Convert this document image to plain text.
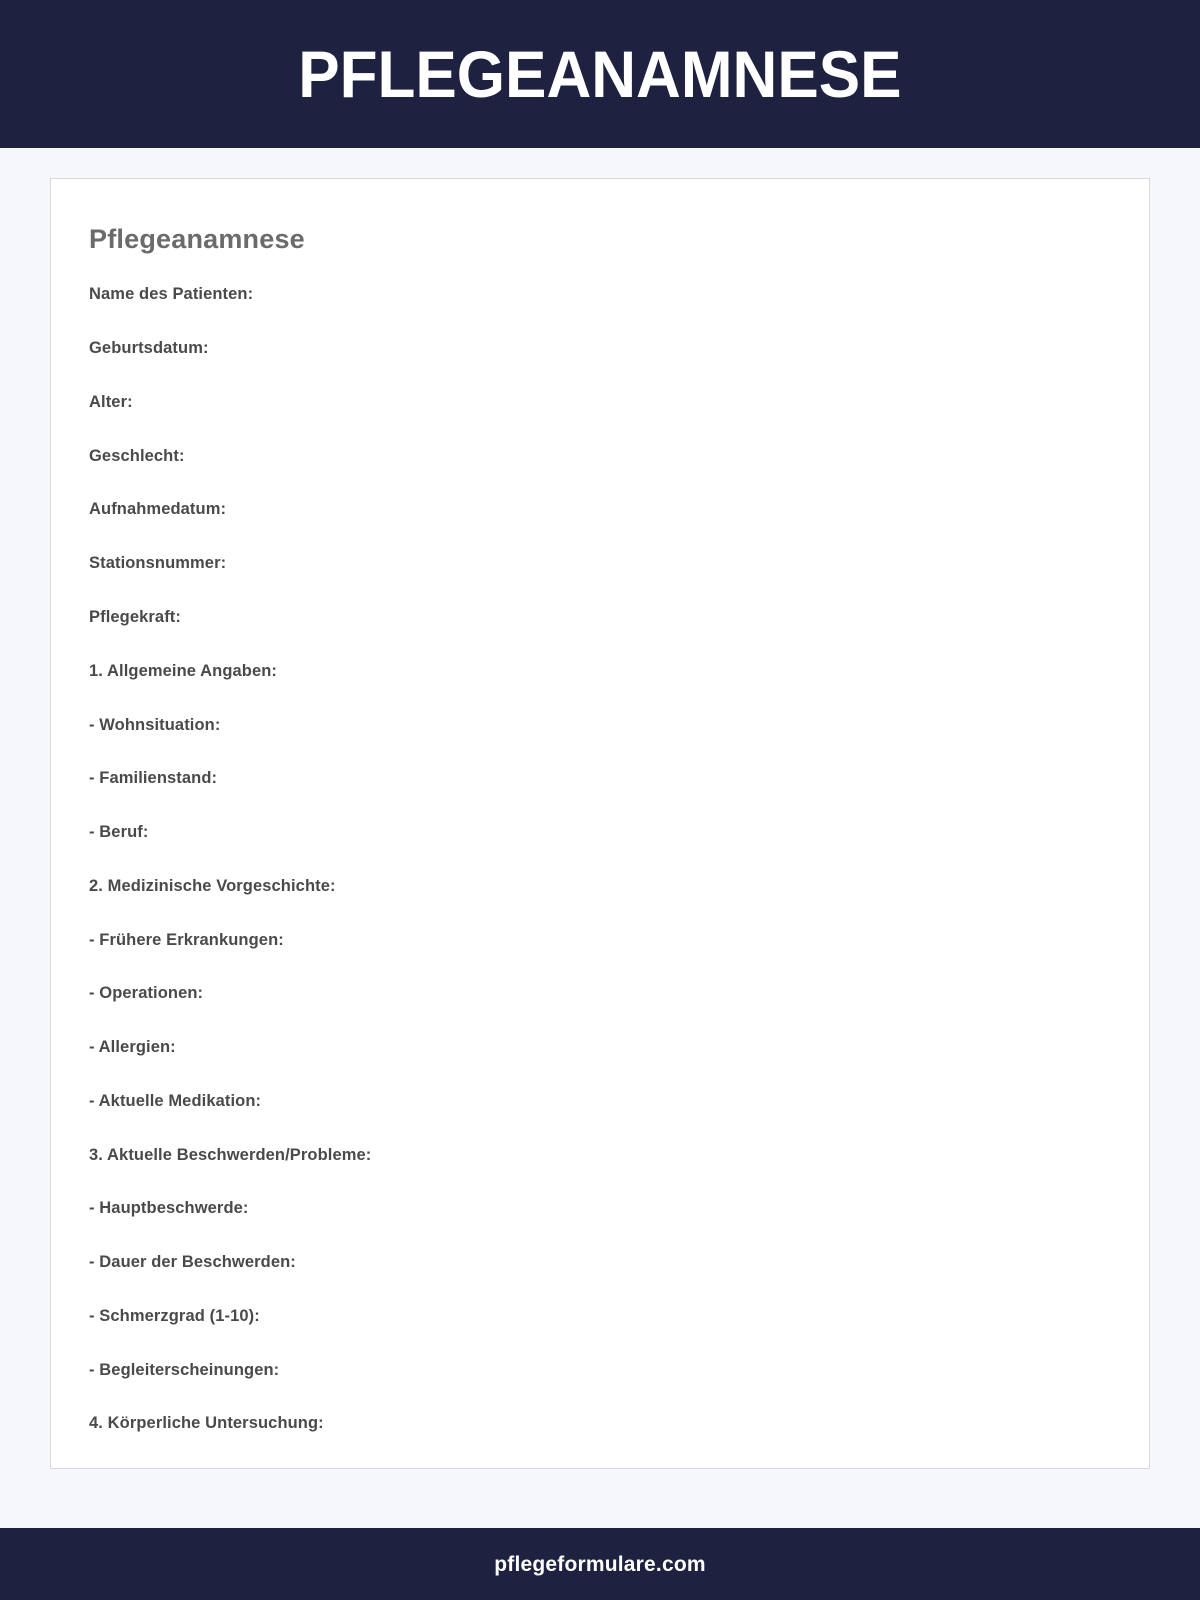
PFLEGEANAMNESE
Pflegeanamnese

Name des Patienten:

Geburtsdatum:

Alter:

Geschlecht:

Aufnahmedatum:

Stationsnummer:

Pflegekraft:

1. Allgemeine Angaben:

- Wohnsituation:

- Familienstand:

- Beruf:

2. Medizinische Vorgeschichte:

- Frühere Erkrankungen:

- Operationen:

- Allergien:

- Aktuelle Medikation:

3. Aktuelle Beschwerden/Probleme:

- Hauptbeschwerde:

- Dauer der Beschwerden:

- Schmerzgrad (1-10):

- Begleiterscheinungen:

4. Körperliche Untersuchung:

pflegeformulare.com
